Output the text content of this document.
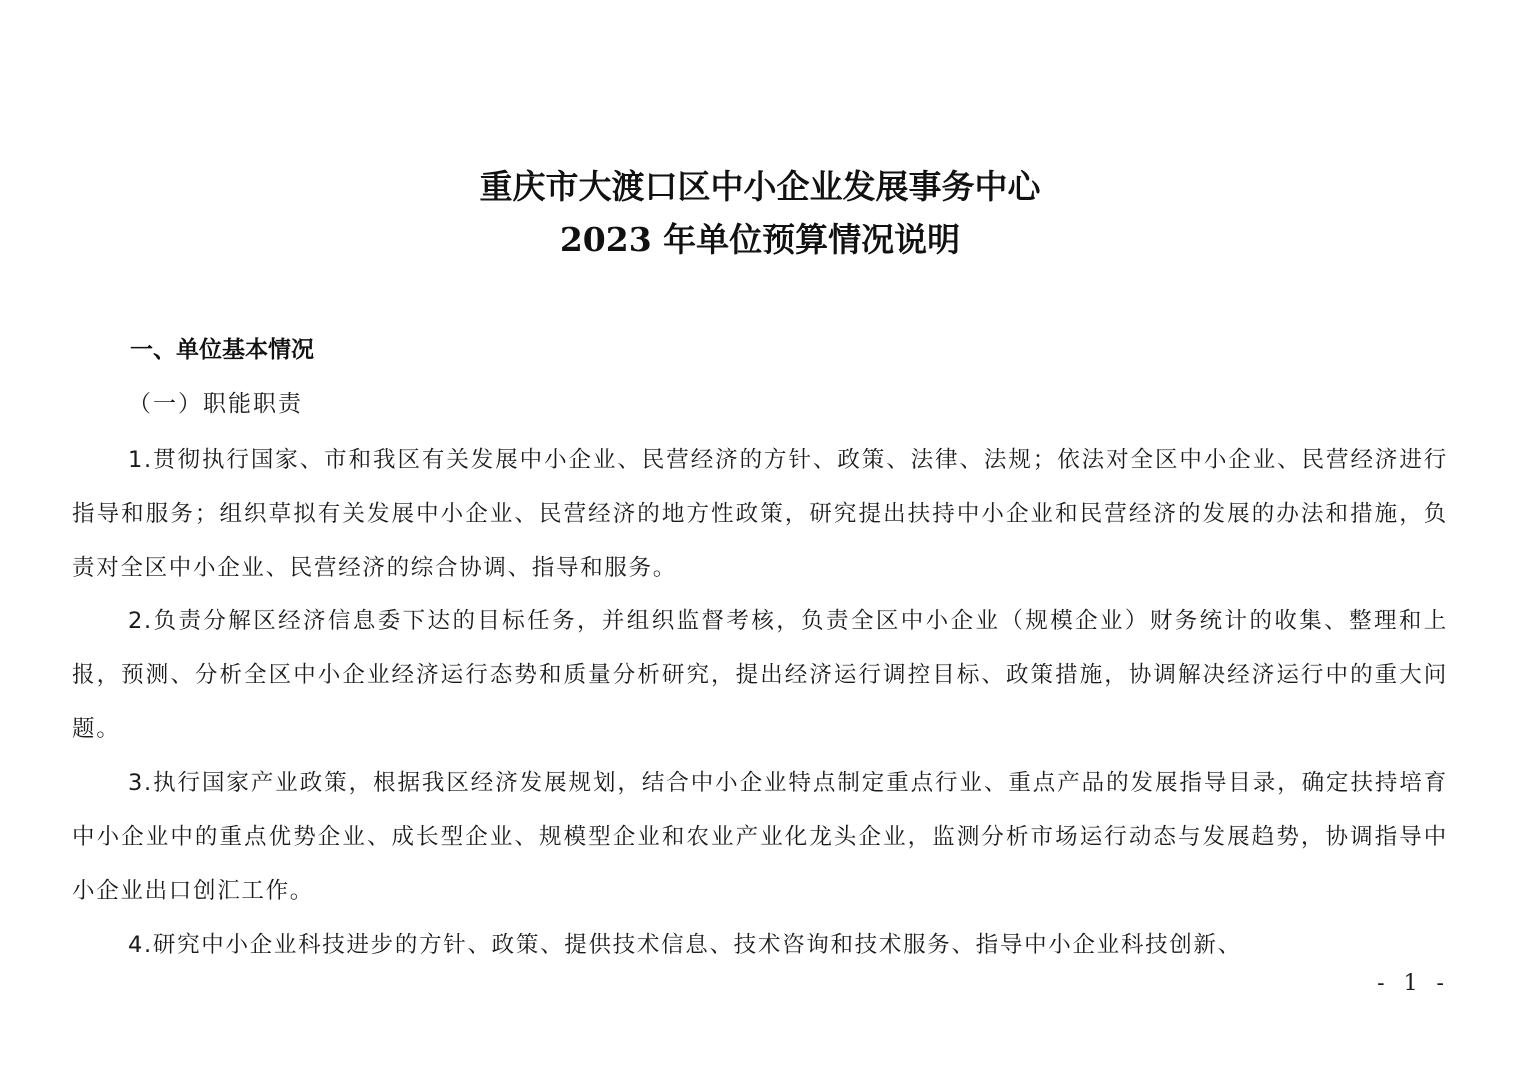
重庆市大渡口区中小企业发展事务中心
2023 年单位预算情况说明
一、单位基本情况
（一）职能职责

1.贯彻执行国家、市和我区有关发展中小企业、民营经济的方针、政策、法律、法规；依法对全区中小企业、民营经济进行指导和服务；组织草拟有关发展中小企业、民营经济的地方性政策，研究提出扶持中小企业和民营经济的发展的办法和措施，负责对全区中小企业、民营经济的综合协调、指导和服务。

2.负责分解区经济信息委下达的目标任务，并组织监督考核，负责全区中小企业（规模企业）财务统计的收集、整理和上报，预测、分析全区中小企业经济运行态势和质量分析研究，提出经济运行调控目标、政策措施，协调解决经济运行中的重大问题。

3.执行国家产业政策，根据我区经济发展规划，结合中小企业特点制定重点行业、重点产品的发展指导目录，确定扶持培育中小企业中的重点优势企业、成长型企业、规模型企业和农业产业化龙头企业，监测分析市场运行动态与发展趋势，协调指导中小企业出口创汇工作。

4.研究中小企业科技进步的方针、政策、提供技术信息、技术咨询和技术服务、指导中小企业科技创新、

- 1 -
